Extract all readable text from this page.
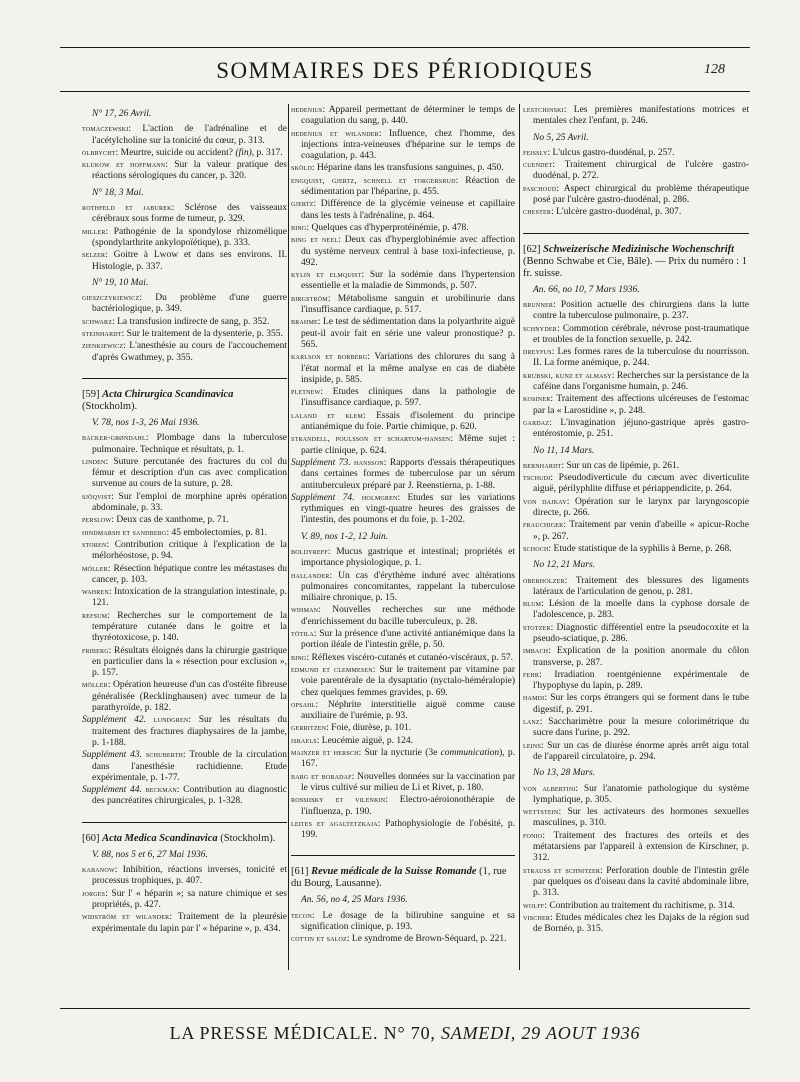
SOMMAIRES DES PÉRIODIQUES	128
N° 17, 26 Avril.

tomaczewski: L'action de l'adrénaline et de l'acétylcholine sur la tonicité du cœur, p. 313.

olbrycht: Meurtre, suicide ou accident? (fin), p. 317.

klukow et hoffmann: Sur la valeur pratique des réactions sérologiques du cancer, p. 320.

N° 18, 3 Mai.

rothfeld et jaburek: Sclérose des vaisseaux cérébraux sous forme de tumeur, p. 329.

miller: Pathogénie de la spondylose rhizomélique (spondylarthrite ankylopoïétique), p. 333.

selzer: Goitre à Lwow et dans ses environs. II. Histologie, p. 337.

N° 19, 10 Mai.

gieszczykiewicz: Du problème d'une guerre bactériologique, p. 349.

schwarz: La transfusion indirecte de sang, p. 352.

steinhardt: Sur le traitement de la dysenterie, p. 355.

zienkiewicz: L'anesthésie au cours de l'accouchement d'après Gwathmey, p. 355.

[59] Acta Chirurgica Scandinavica (Stockholm).

V. 78, nos 1-3, 26 Mai 1936.

backer-grøndahl: Plombage dans la tuberculose pulmonaire. Technique et résultats, p. 1.

linden: Suture percutanée des fractures du col du fémur et description d'un cas avec complication survenue au cours de la suture, p. 28.

sjöqvist: Sur l'emploi de morphine après opération abdominale, p. 33.

perslow: Deux cas de xanthome, p. 71.

hindmarsh et sandberg: 45 embolectomies, p. 81.

storen: Contribution critique à l'explication de la mélorhéostose, p. 94.

möller: Résection hépatique contre les métastases du cancer, p. 103.

wahren: Intoxication de la strangulation intestinale, p. 121.

refsum: Recherches sur le comportement de la température cutanée dans le goitre et la thyréotoxicose, p. 140.

friberg: Résultats éloignés dans la chirurgie gastrique en particulier dans la « résection pour exclusion », p. 157.

möller: Opération heureuse d'un cas d'ostéite fibreuse généralisée (Recklinghausen) avec tumeur de la parathyroïde, p. 182.

Supplément 42. lundgren: Sur les résultats du traitement des fractures diaphysaires de la jambe, p. 1-188.

Supplément 43. schuberth: Trouble de la circulation dans l'anesthésie rachidienne. Etude expérimentale, p. 1-77.

Supplément 44. beckman: Contribution au diagnostic des pancréatites chirurgicales, p. 1-328.

[60] Acta Medica Scandinavica (Stockholm).

V. 88, nos 5 et 6, 27 Mai 1936.

kabanow: Inhibition, réactions inverses, tonicité et processus trophiques, p. 407.

jorges: Sur l' « héparin »; sa nature chimique et ses propriétés, p. 427.

widström et wilander: Traitement de la pleurésie expérimentale du lapin par l' « héparine », p. 434.

hedenius: Appareil permettant de déterminer le temps de coagulation du sang, p. 440.

hedenius et wilander: Influence, chez l'homme, des injections intra-veineuses d'héparine sur le temps de coagulation, p. 443.

sköld: Héparine dans les transfusions sanguines, p. 450.

engquist, gjertz, schnell et torgersrud: Réaction de sédimentation par l'héparine, p. 455.

gjertz: Différence de la glycémie veineuse et capillaire dans les tests à l'adrénaline, p. 464.

bing: Quelques cas d'hyperprotéinémie, p. 478.

bing et neel: Deux cas d'hyperglobinémie avec affection du système nerveux central à base toxi-infectieuse, p. 492.

kylin et elmquist: Sur la sodémie dans l'hypertension essentielle et la maladie de Simmonds, p. 507.

birgström: Métabolisme sanguin et urobilinurie dans l'insuffisance cardiaque, p. 517.

brahme: Le test de sédimentation dans la polyarthrite aiguë peut-il avoir fait en série une valeur pronostique? p. 565.

karlson et borberg: Variations des chlorures du sang à l'état normal et la même analyse en cas de diabète insipide, p. 585.

pletnew: Etudes cliniques dans la pathologie de l'insuffisance cardiaque, p. 597.

laland et klem: Essais d'isolement du principe antianémique du foie. Partie chimique, p. 620.

strandell, poulsson et schartum-hansen: Même sujet : partie clinique, p. 624.

Supplément 73. hansson: Rapports d'essais thérapeutiques dans certaines formes de tuberculose par un sérum antituberculeux préparé par J. Reenstierna, p. 1-88.

Supplément 74. holmgren: Etudes sur les variations rythmiques en vingt-quatre heures des graisses de l'intestin, des poumons et du foie, p. 1-202.

V. 89, nos 1-2, 12 Juin.

boldyreff: Mucus gastrique et intestinal; propriétés et importance physiologique, p. 1.

hallander: Un cas d'érythème induré avec altérations pulmonaires concomitantes, rappelant la tuberculose miliaire chronique, p. 15.

wihman: Nouvelles recherches sur une méthode d'enrichissement du bacille tuberculeux, p. 28.

tötila: Sur la présence d'une activité antianémique dans la portion iléale de l'intestin grêle, p. 50.

bing: Réflexes viscéro-cutanés et cutanéo-viscéraux, p. 57.

edmund et clemmesen: Sur le traitement par vitamine par voie parentérale de la dysaptatio (nyctalo-héméralopie) chez quelques femmes gravides, p. 69.

opsahl: Néphrite interstitielle aiguë comme cause auxiliaire de l'urémie, p. 93.

gerritzen: Foie, diurèse, p. 101.

israels: Leucémie aiguë, p. 124.

mainzer et hersch: Sur la nycturie (3e communication), p. 167.

barg et boradaf: Nouvelles données sur la vaccination par le virus cultivé sur milieu de Li et Rivet, p. 180.

rossiisky et vilenkin: Electro-aéroionothérapie de l'influenza, p. 190.

leites et agaltetzkaja: Pathophysiologie de l'obésité, p. 199.

[61] Revue médicale de la Suisse Romande (1, rue du Bourg, Lausanne).

An. 56, no 4, 25 Mars 1936.

tecon: Le dosage de la bilirubine sanguine et sa signification clinique, p. 193.

cottin et saloz: Le syndrome de Brown-Séquard, p. 221.

lestchinski: Les premières manifestations motrices et mentales chez l'enfant, p. 246.

No 5, 25 Avril.

feissly: L'ulcus gastro-duodénal, p. 257.

cuendet: Traitement chirurgical de l'ulcère gastro-duodénal, p. 272.

paschoud: Aspect chirurgical du problème thérapeutique posé par l'ulcère gastro-duodénal, p. 286.

chester: L'ulcère gastro-duodénal, p. 307.

[62] Schweizerische Medizinische Wochenschrift (Benno Schwabe et Cie, Bâle). — Prix du numéro : 1 fr. suisse.

An. 66, no 10, 7 Mars 1936.

brunner: Position actuelle des chirurgiens dans la lutte contre la tuberculose pulmonaire, p. 237.

schnyder: Commotion cérébrale, névrose post-traumatique et troubles de la fonction sexuelle, p. 242.

dreyfus: Les formes rares de la tuberculose du nourrisson. II. La forme anémique, p. 244.

krubski, kunz et almasy: Recherches sur la persistance de la caféine dans l'organisme humain, p. 246.

kosiner: Traitement des affections ulcéreuses de l'estomac par la « Larostidine », p. 248.

gardaz: L'invagination jéjuno-gastrique après gastro-entérostomie, p. 251.

No 11, 14 Mars.

bernhardt: Sur un cas de lipémie, p. 261.

tschudi: Pseudodiverticule du cæcum avec diverticulite aiguë, périlyphlite diffuse et périappendicite, p. 264.

von dajkay: Opération sur le larynx par laryngoscopie directe, p. 266.

frauchiger: Traitement par venin d'abeille « apicur-Roche », p. 267.

schoch: Etude statistique de la syphilis à Berne, p. 268.

No 12, 21 Mars.

oberholzer: Traitement des blessures des ligaments latéraux de l'articulation de genou, p. 281.

blum: Lésion de la moelle dans la cyphose dorsale de l'adolescence, p. 283.

stotzer: Diagnostic différentiel entre la pseudocoxite et la pseudo-sciatique, p. 286.

imbach: Explication de la position anormale du côlon transverse, p. 287.

fehr: Irradiation roentgénienne expérimentale de l'hypophyse du lapin, p. 289.

hamdi: Sur les corps étrangers qui se forment dans le tube digestif, p. 291.

lanz: Saccharimètre pour la mesure colorimétrique du sucre dans l'urine, p. 292.

leins: Sur un cas de diurèse énorme après arrêt aigu total de l'appareil circulatoire, p. 294.

No 13, 28 Mars.

von albertini: Sur l'anatomie pathologique du système lymphatique, p. 305.

wettstein: Sur les activateurs des hormones sexuelles masculines, p. 310.

fonio: Traitement des fractures des orteils et des métatarsiens par l'appareil à extension de Kirschner, p. 312.

strauss et schnitzer: Perforation double de l'intestin grêle par quelques os d'oiseau dans la cavité abdominale libre, p. 313.

wolff: Contribution au traitement du rachitisme, p. 314.

vischer: Etudes médicales chez les Dajaks de la région sud de Bornéo, p. 315.

LA PRESSE MÉDICALE. N° 70, SAMEDI, 29 AOUT 1936
